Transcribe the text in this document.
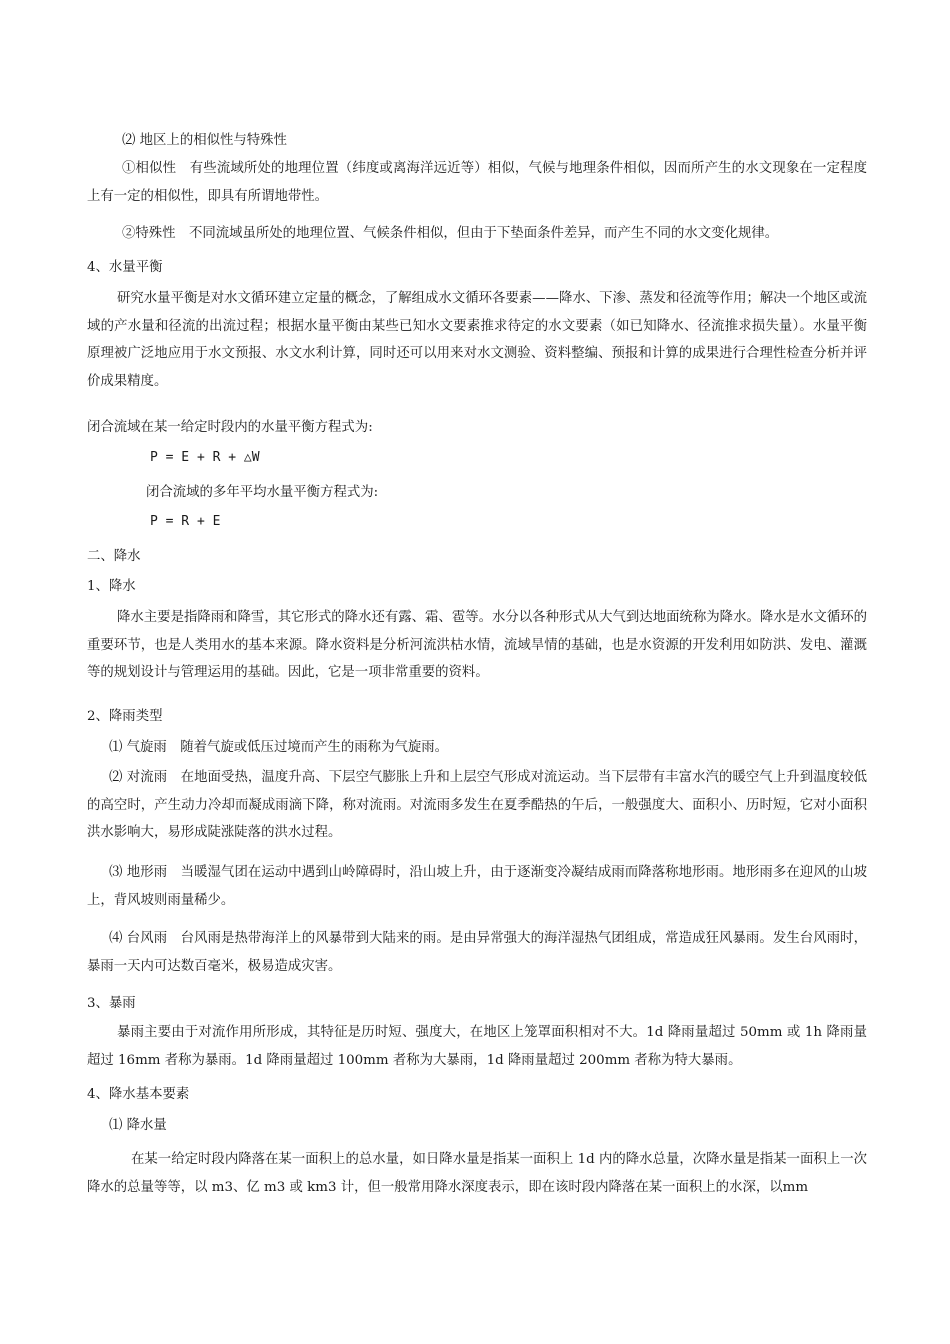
⑵ 地区上的相似性与特殊性

①相似性　有些流域所处的地理位置（纬度或离海洋远近等）相似，气候与地理条件相似，因而所产生的水文现象在一定程度上有一定的相似性，即具有所谓地带性。

②特殊性　不同流域虽所处的地理位置、气候条件相似，但由于下垫面条件差异，而产生不同的水文变化规律。

4、水量平衡

研究水量平衡是对水文循环建立定量的概念，了解组成水文循环各要素——降水、下渗、蒸发和径流等作用；解决一个地区或流域的产水量和径流的出流过程；根据水量平衡由某些已知水文要素推求待定的水文要素（如已知降水、径流推求损失量）。水量平衡原理被广泛地应用于水文预报、水文水利计算，同时还可以用来对水文测验、资料整编、预报和计算的成果进行合理性检查分析并评价成果精度。

闭合流域在某一给定时段内的水量平衡方程式为:

P = E + R + △W

闭合流域的多年平均水量平衡方程式为:

P = R + E

二、降水

1、降水

降水主要是指降雨和降雪，其它形式的降水还有露、霜、雹等。水分以各种形式从大气到达地面统称为降水。降水是水文循环的重要环节，也是人类用水的基本来源。降水资料是分析河流洪枯水情，流域旱情的基础，也是水资源的开发利用如防洪、发电、灌溉等的规划设计与管理运用的基础。因此，它是一项非常重要的资料。

2、降雨类型

⑴ 气旋雨　随着气旋或低压过境而产生的雨称为气旋雨。

⑵ 对流雨　在地面受热，温度升高、下层空气膨胀上升和上层空气形成对流运动。当下层带有丰富水汽的暖空气上升到温度较低的高空时，产生动力冷却而凝成雨滴下降，称对流雨。对流雨多发生在夏季酷热的午后，一般强度大、面积小、历时短，它对小面积洪水影响大，易形成陡涨陡落的洪水过程。

⑶ 地形雨　当暖湿气团在运动中遇到山岭障碍时，沿山坡上升，由于逐渐变冷凝结成雨而降落称地形雨。地形雨多在迎风的山坡上，背风坡则雨量稀少。

⑷ 台风雨　台风雨是热带海洋上的风暴带到大陆来的雨。是由异常强大的海洋湿热气团组成，常造成狂风暴雨。发生台风雨时，暴雨一天内可达数百毫米，极易造成灾害。

3、暴雨

暴雨主要由于对流作用所形成，其特征是历时短、强度大，在地区上笼罩面积相对不大。1d 降雨量超过 50mm 或 1h 降雨量超过 16mm 者称为暴雨。1d 降雨量超过 100mm 者称为大暴雨，1d 降雨量超过 200mm 者称为特大暴雨。

4、降水基本要素

⑴ 降水量

在某一给定时段内降落在某一面积上的总水量，如日降水量是指某一面积上 1d 内的降水总量，次降水量是指某一面积上一次降水的总量等等，以 m3、亿 m3 或 km3 计，但一般常用降水深度表示，即在该时段内降落在某一面积上的水深，以mm
